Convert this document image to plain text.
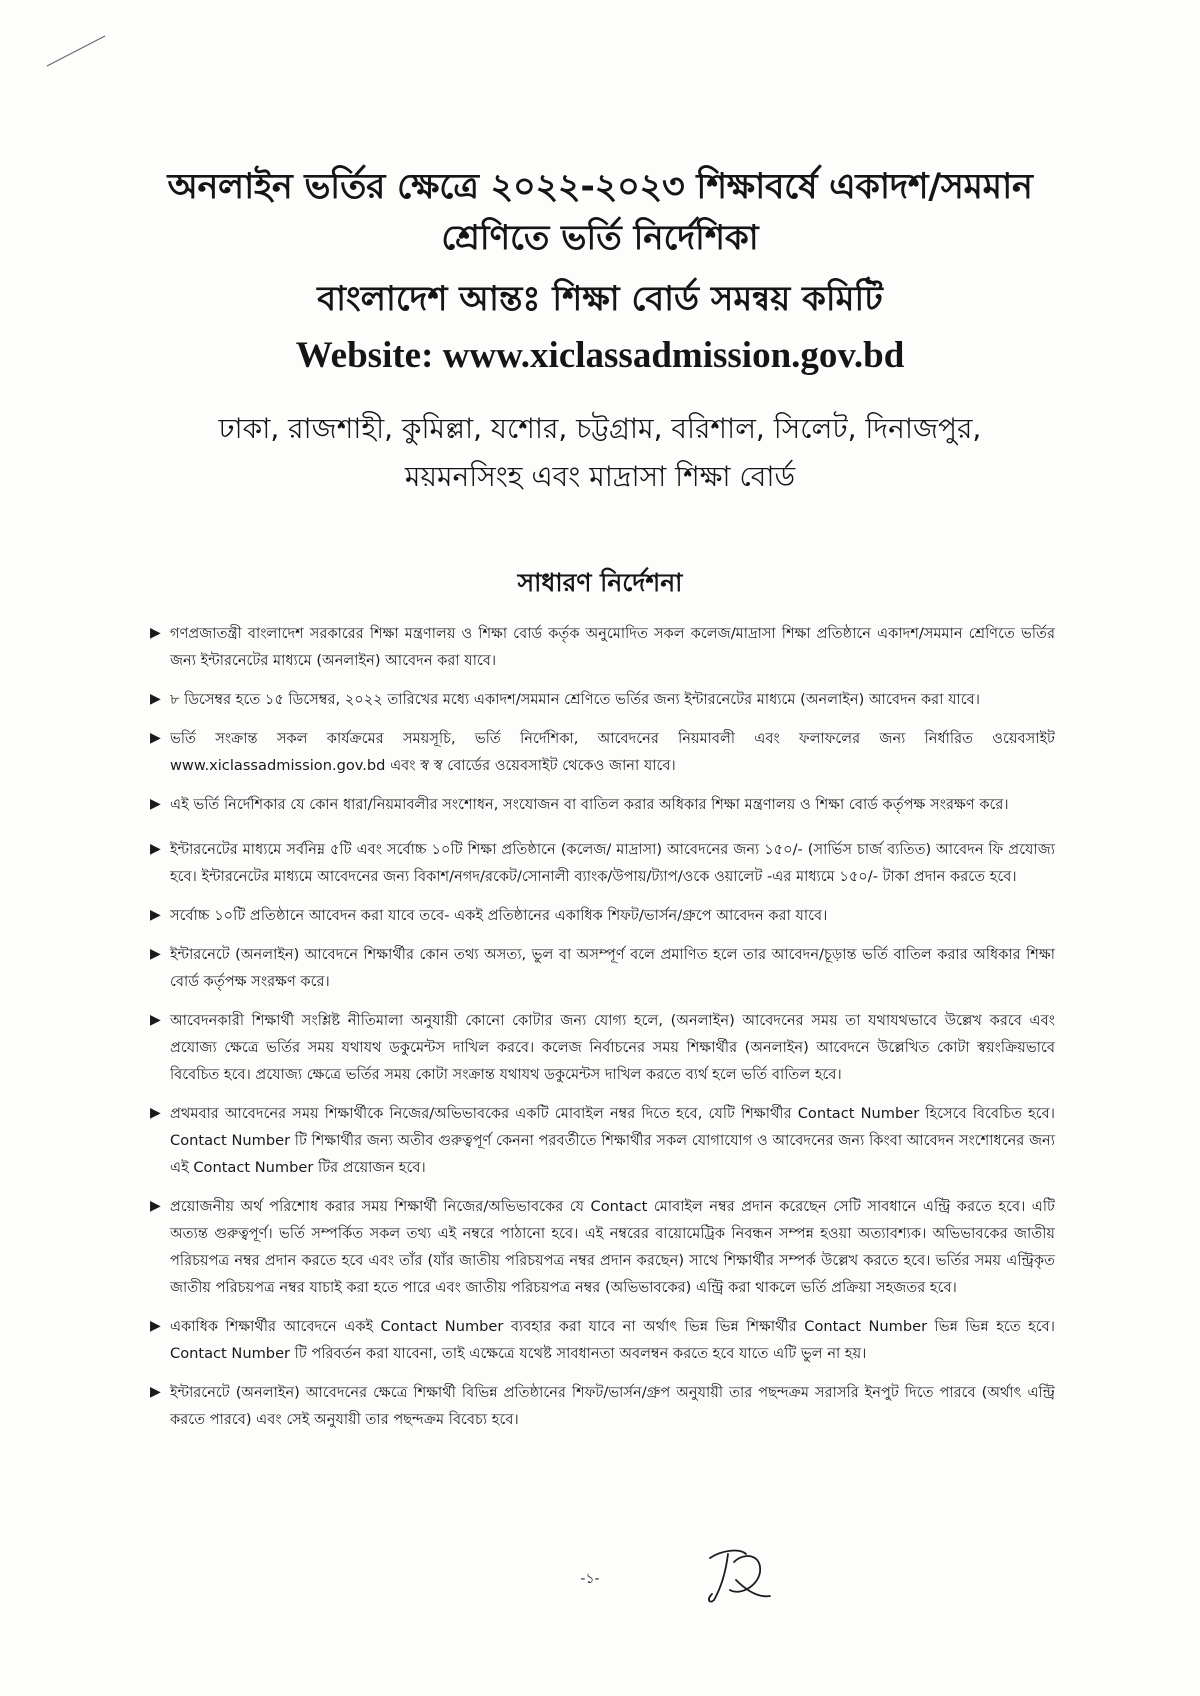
অনলাইন ভর্তির ক্ষেত্রে ২০২২-২০২৩ শিক্ষাবর্ষে একাদশ/সমমান
শ্রেণিতে ভর্তি নির্দেশিকা
বাংলাদেশ আন্তঃ শিক্ষা বোর্ড সমন্বয় কমিটি
Website: www.xiclassadmission.gov.bd

ঢাকা, রাজশাহী, কুমিল্লা, যশোর, চট্টগ্রাম, বরিশাল, সিলেট, দিনাজপুর,
ময়মনসিংহ এবং মাদ্রাসা শিক্ষা বোর্ড

সাধারণ নির্দেশনা
▶ গণপ্রজাতন্ত্রী বাংলাদেশ সরকারের শিক্ষা মন্ত্রণালয় ও শিক্ষা বোর্ড কর্তৃক অনুমোদিত সকল কলেজ/মাদ্রাসা শিক্ষা প্রতিষ্ঠানে একাদশ/সমমান শ্রেণিতে ভর্তির জন্য ইন্টারনেটের মাধ্যমে (অনলাইন) আবেদন করা যাবে।
▶ ৮ ডিসেম্বর হতে ১৫ ডিসেম্বর, ২০২২ তারিখের মধ্যে একাদশ/সমমান শ্রেণিতে ভর্তির জন্য ইন্টারনেটের মাধ্যমে (অনলাইন) আবেদন করা যাবে।
▶ ভর্তি সংক্রান্ত সকল কার্যক্রমের সময়সূচি, ভর্তি নির্দেশিকা, আবেদনের নিয়মাবলী এবং ফলাফলের জন্য নির্ধারিত ওয়েবসাইট www.xiclassadmission.gov.bd এবং স্ব স্ব বোর্ডের ওয়েবসাইট থেকেও জানা যাবে।
▶ এই ভর্তি নির্দেশিকার যে কোন ধারা/নিয়মাবলীর সংশোধন, সংযোজন বা বাতিল করার অধিকার শিক্ষা মন্ত্রণালয় ও শিক্ষা বোর্ড কর্তৃপক্ষ সংরক্ষণ করে।
▶ ইন্টারনেটের মাধ্যমে সর্বনিম্ন ৫টি এবং সর্বোচ্চ ১০টি শিক্ষা প্রতিষ্ঠানে (কলেজ/ মাদ্রাসা) আবেদনের জন্য ১৫০/- (সার্ভিস চার্জ ব্যতিত) আবেদন ফি প্রযোজ্য হবে। ইন্টারনেটের মাধ্যমে আবেদনের জন্য বিকাশ/নগদ/রকেট/সোনালী ব্যাংক/উপায়/ট্যাপ/ওকে ওয়ালেট -এর মাধ্যমে ১৫০/- টাকা প্রদান করতে হবে।
▶ সর্বোচ্চ ১০টি প্রতিষ্ঠানে আবেদন করা যাবে তবে- একই প্রতিষ্ঠানের একাধিক শিফট/ভার্সন/গ্রুপে আবেদন করা যাবে।
▶ ইন্টারনেটে (অনলাইন) আবেদনে শিক্ষার্থীর কোন তথ্য অসত্য, ভুল বা অসম্পূর্ণ বলে প্রমাণিত হলে তার আবেদন/চূড়ান্ত ভর্তি বাতিল করার অধিকার শিক্ষা বোর্ড কর্তৃপক্ষ সংরক্ষণ করে।
▶ আবেদনকারী শিক্ষার্থী সংশ্লিষ্ট নীতিমালা অনুযায়ী কোনো কোটার জন্য যোগ্য হলে, (অনলাইন) আবেদনের সময় তা যথাযথভাবে উল্লেখ করবে এবং প্রযোজ্য ক্ষেত্রে ভর্তির সময় যথাযথ ডকুমেন্টস দাখিল করবে। কলেজ নির্বাচনের সময় শিক্ষার্থীর (অনলাইন) আবেদনে উল্লেখিত কোটা স্বয়ংক্রিয়ভাবে বিবেচিত হবে। প্রযোজ্য ক্ষেত্রে ভর্তির সময় কোটা সংক্রান্ত যথাযথ ডকুমেন্টস দাখিল করতে ব্যর্থ হলে ভর্তি বাতিল হবে।
▶ প্রথমবার আবেদনের সময় শিক্ষার্থীকে নিজের/অভিভাবকের একটি মোবাইল নম্বর দিতে হবে, যেটি শিক্ষার্থীর Contact Number হিসেবে বিবেচিত হবে। Contact Number টি শিক্ষার্থীর জন্য অতীব গুরুত্বপূর্ণ কেননা পরবর্তীতে শিক্ষার্থীর সকল যোগাযোগ ও আবেদনের জন্য কিংবা আবেদন সংশোধনের জন্য এই Contact Number টির প্রয়োজন হবে।
▶ প্রয়োজনীয় অর্থ পরিশোধ করার সময় শিক্ষার্থী নিজের/অভিভাবকের যে Contact মোবাইল নম্বর প্রদান করেছেন সেটি সাবধানে এন্ট্রি করতে হবে। এটি অত্যন্ত গুরুত্বপূর্ণ। ভর্তি সম্পর্কিত সকল তথ্য এই নম্বরে পাঠানো হবে। এই নম্বরের বায়োমেট্রিক নিবন্ধন সম্পন্ন হওয়া অত্যাবশ্যক। অভিভাবকের জাতীয় পরিচয়পত্র নম্বর প্রদান করতে হবে এবং তাঁর (যাঁর জাতীয় পরিচয়পত্র নম্বর প্রদান করছেন) সাথে শিক্ষার্থীর সম্পর্ক উল্লেখ করতে হবে। ভর্তির সময় এন্ট্রিকৃত জাতীয় পরিচয়পত্র নম্বর যাচাই করা হতে পারে এবং জাতীয় পরিচয়পত্র নম্বর (অভিভাবকের) এন্ট্রি করা থাকলে ভর্তি প্রক্রিয়া সহজতর হবে।
▶ একাধিক শিক্ষার্থীর আবেদনে একই Contact Number ব্যবহার করা যাবে না অর্থাৎ ভিন্ন ভিন্ন শিক্ষার্থীর Contact Number ভিন্ন ভিন্ন হতে হবে। Contact Number টি পরিবর্তন করা যাবেনা, তাই এক্ষেত্রে যথেষ্ট সাবধানতা অবলম্বন করতে হবে যাতে এটি ভুল না হয়।
▶ ইন্টারনেটে (অনলাইন) আবেদনের ক্ষেত্রে শিক্ষার্থী বিভিন্ন প্রতিষ্ঠানের শিফট/ভার্সন/গ্রুপ অনুযায়ী তার পছন্দক্রম সরাসরি ইনপুট দিতে পারবে (অর্থাৎ এন্ট্রি করতে পারবে) এবং সেই অনুযায়ী তার পছন্দক্রম বিবেচ্য হবে।
-১-
